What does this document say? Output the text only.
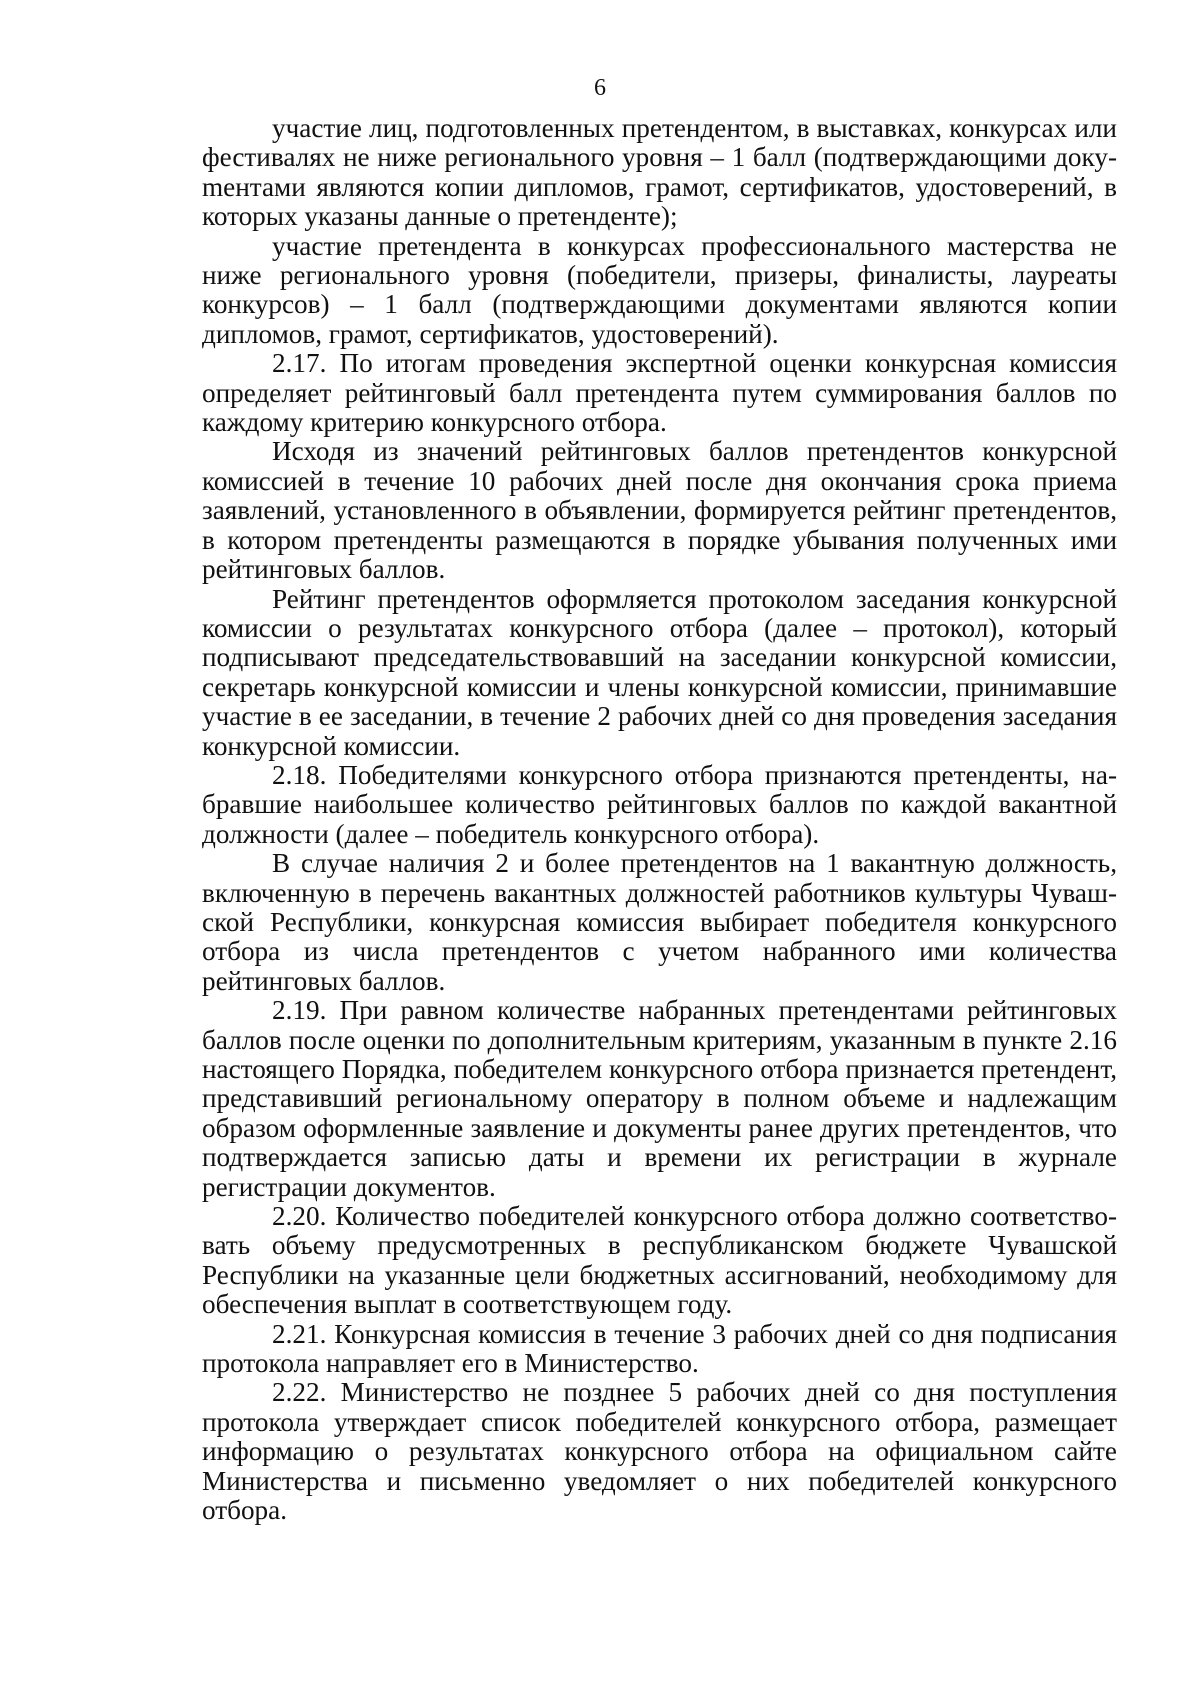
6

участие лиц, подготовленных претендентом, в выставках, конкурсах или фестивалях не ниже регионального уровня – 1 балл (подтверждающими докуmентами являются копии дипломов, грамот, сертификатов, удостоверений, в которых указаны данные о претенденте);

участие претендента в конкурсах профессионального мастерства не ниже регионального уровня (победители, призеры, финалисты, лауреаты конкурсов) – 1 балл (подтверждающими документами являются копии дипломов, грамот, сертификатов, удостоверений).

2.17. По итогам проведения экспертной оценки конкурсная комиссия определяет рейтинговый балл претендента путем суммирования баллов по каждому критерию конкурсного отбора.

Исходя из значений рейтинговых баллов претендентов конкурсной комиссией в течение 10 рабочих дней после дня окончания срока приема заявлений, установленного в объявлении, формируется рейтинг претендентов, в котором претенденты размещаются в порядке убывания полученных ими рейтинговых баллов.

Рейтинг претендентов оформляется протоколом заседания конкурсной комиссии о результатах конкурсного отбора (далее – протокол), который подписывают председательствовавший на заседании конкурсной комиссии, секретарь конкурсной комиссии и члены конкурсной комиссии, принимавшие участие в ее заседании, в течение 2 рабочих дней со дня проведения заседания конкурсной комиссии.

2.18. Победителями конкурсного отбора признаются претенденты, набравшие наибольшее количество рейтинговых баллов по каждой вакантной должности (далее – победитель конкурсного отбора).

В случае наличия 2 и более претендентов на 1 вакантную должность, включенную в перечень вакантных должностей работников культуры Чувашской Республики, конкурсная комиссия выбирает победителя конкурсного отбора из числа претендентов с учетом набранного ими количества рейтинговых баллов.

2.19. При равном количестве набранных претендентами рейтинговых баллов после оценки по дополнительным критериям, указанным в пункте 2.16 настоящего Порядка, победителем конкурсного отбора признается претендент, представивший региональному оператору в полном объеме и надлежащим образом оформленные заявление и документы ранее других претендентов, что подтверждается записью даты и времени их регистрации в журнале регистрации документов.

2.20. Количество победителей конкурсного отбора должно соответствовать объему предусмотренных в республиканском бюджете Чувашской Республики на указанные цели бюджетных ассигнований, необходимому для обеспечения выплат в соответствующем году.

2.21. Конкурсная комиссия в течение 3 рабочих дней со дня подписания протокола направляет его в Министерство.

2.22. Министерство не позднее 5 рабочих дней со дня поступления протокола утверждает список победителей конкурсного отбора, размещает информацию о результатах конкурсного отбора на официальном сайте Министерства и письменно уведомляет о них победителей конкурсного отбора.
